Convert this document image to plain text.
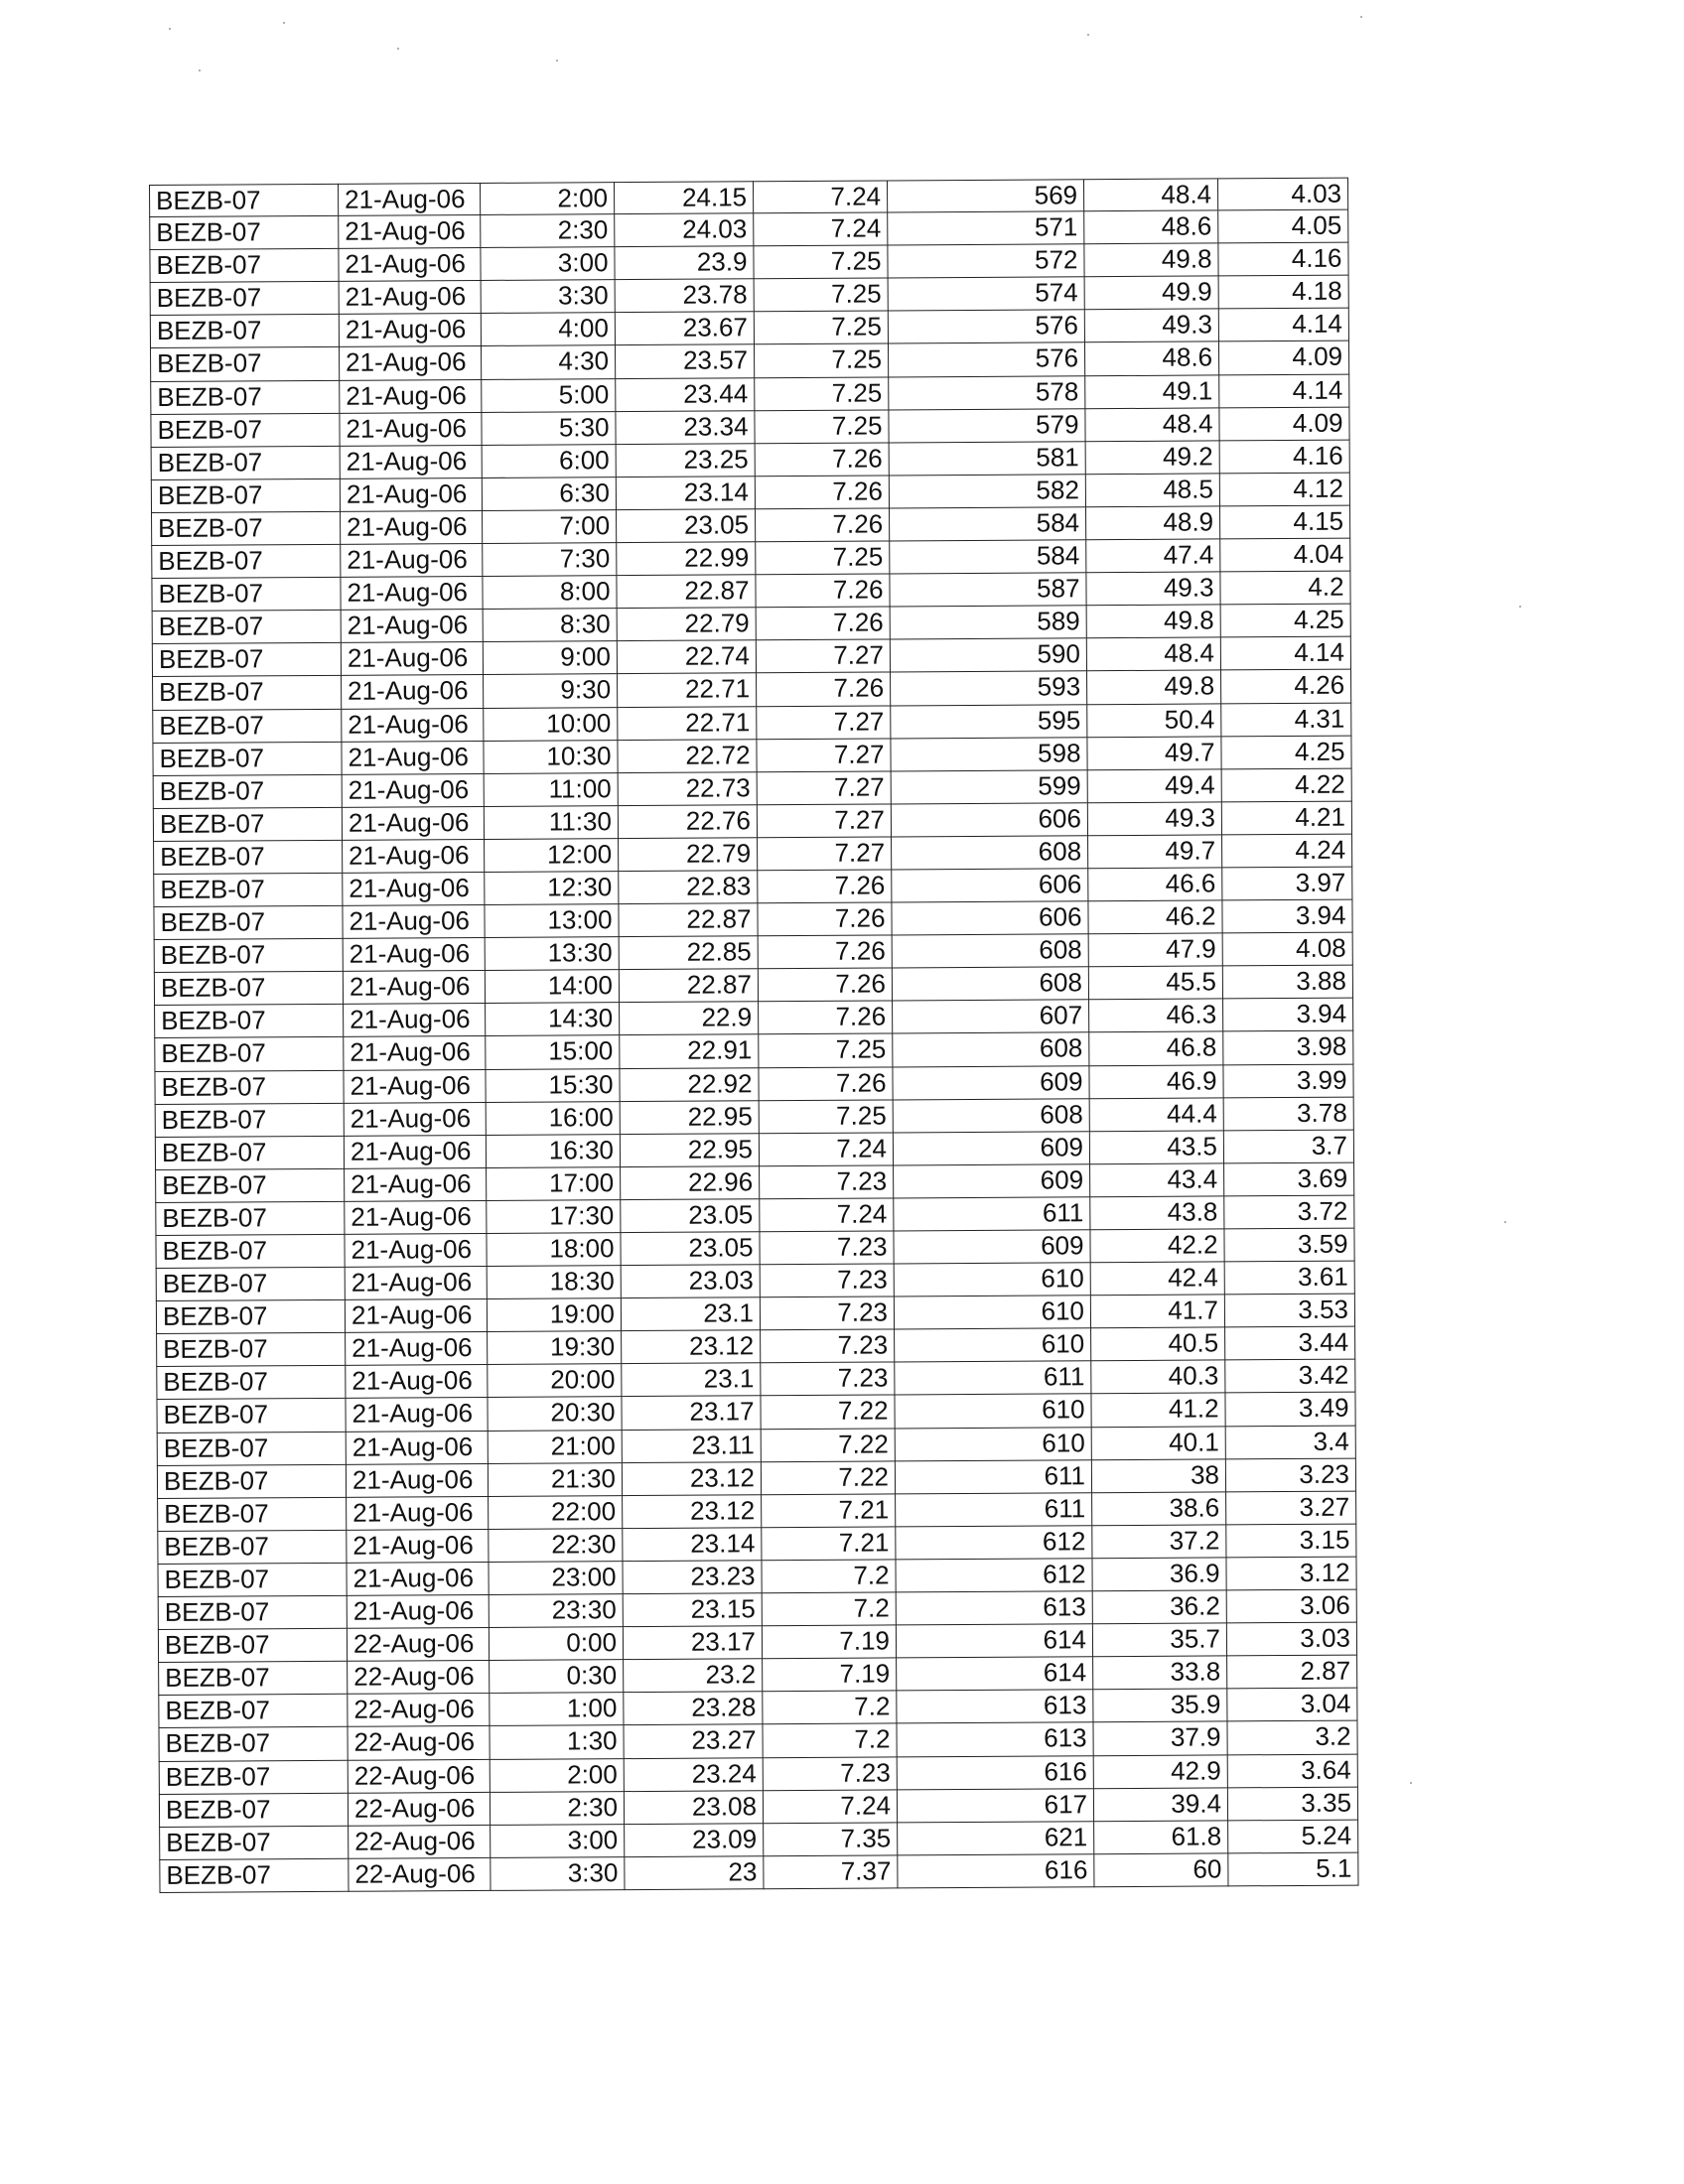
BEZB-07	21-Aug-06	2:00	24.15	7.24	569	48.4	4.03
BEZB-07	21-Aug-06	2:30	24.03	7.24	571	48.6	4.05
BEZB-07	21-Aug-06	3:00	23.9	7.25	572	49.8	4.16
BEZB-07	21-Aug-06	3:30	23.78	7.25	574	49.9	4.18
BEZB-07	21-Aug-06	4:00	23.67	7.25	576	49.3	4.14
BEZB-07	21-Aug-06	4:30	23.57	7.25	576	48.6	4.09
BEZB-07	21-Aug-06	5:00	23.44	7.25	578	49.1	4.14
BEZB-07	21-Aug-06	5:30	23.34	7.25	579	48.4	4.09
BEZB-07	21-Aug-06	6:00	23.25	7.26	581	49.2	4.16
BEZB-07	21-Aug-06	6:30	23.14	7.26	582	48.5	4.12
BEZB-07	21-Aug-06	7:00	23.05	7.26	584	48.9	4.15
BEZB-07	21-Aug-06	7:30	22.99	7.25	584	47.4	4.04
BEZB-07	21-Aug-06	8:00	22.87	7.26	587	49.3	4.2
BEZB-07	21-Aug-06	8:30	22.79	7.26	589	49.8	4.25
BEZB-07	21-Aug-06	9:00	22.74	7.27	590	48.4	4.14
BEZB-07	21-Aug-06	9:30	22.71	7.26	593	49.8	4.26
BEZB-07	21-Aug-06	10:00	22.71	7.27	595	50.4	4.31
BEZB-07	21-Aug-06	10:30	22.72	7.27	598	49.7	4.25
BEZB-07	21-Aug-06	11:00	22.73	7.27	599	49.4	4.22
BEZB-07	21-Aug-06	11:30	22.76	7.27	606	49.3	4.21
BEZB-07	21-Aug-06	12:00	22.79	7.27	608	49.7	4.24
BEZB-07	21-Aug-06	12:30	22.83	7.26	606	46.6	3.97
BEZB-07	21-Aug-06	13:00	22.87	7.26	606	46.2	3.94
BEZB-07	21-Aug-06	13:30	22.85	7.26	608	47.9	4.08
BEZB-07	21-Aug-06	14:00	22.87	7.26	608	45.5	3.88
BEZB-07	21-Aug-06	14:30	22.9	7.26	607	46.3	3.94
BEZB-07	21-Aug-06	15:00	22.91	7.25	608	46.8	3.98
BEZB-07	21-Aug-06	15:30	22.92	7.26	609	46.9	3.99
BEZB-07	21-Aug-06	16:00	22.95	7.25	608	44.4	3.78
BEZB-07	21-Aug-06	16:30	22.95	7.24	609	43.5	3.7
BEZB-07	21-Aug-06	17:00	22.96	7.23	609	43.4	3.69
BEZB-07	21-Aug-06	17:30	23.05	7.24	611	43.8	3.72
BEZB-07	21-Aug-06	18:00	23.05	7.23	609	42.2	3.59
BEZB-07	21-Aug-06	18:30	23.03	7.23	610	42.4	3.61
BEZB-07	21-Aug-06	19:00	23.1	7.23	610	41.7	3.53
BEZB-07	21-Aug-06	19:30	23.12	7.23	610	40.5	3.44
BEZB-07	21-Aug-06	20:00	23.1	7.23	611	40.3	3.42
BEZB-07	21-Aug-06	20:30	23.17	7.22	610	41.2	3.49
BEZB-07	21-Aug-06	21:00	23.11	7.22	610	40.1	3.4
BEZB-07	21-Aug-06	21:30	23.12	7.22	611	38	3.23
BEZB-07	21-Aug-06	22:00	23.12	7.21	611	38.6	3.27
BEZB-07	21-Aug-06	22:30	23.14	7.21	612	37.2	3.15
BEZB-07	21-Aug-06	23:00	23.23	7.2	612	36.9	3.12
BEZB-07	21-Aug-06	23:30	23.15	7.2	613	36.2	3.06
BEZB-07	22-Aug-06	0:00	23.17	7.19	614	35.7	3.03
BEZB-07	22-Aug-06	0:30	23.2	7.19	614	33.8	2.87
BEZB-07	22-Aug-06	1:00	23.28	7.2	613	35.9	3.04
BEZB-07	22-Aug-06	1:30	23.27	7.2	613	37.9	3.2
BEZB-07	22-Aug-06	2:00	23.24	7.23	616	42.9	3.64
BEZB-07	22-Aug-06	2:30	23.08	7.24	617	39.4	3.35
BEZB-07	22-Aug-06	3:00	23.09	7.35	621	61.8	5.24
BEZB-07	22-Aug-06	3:30	23	7.37	616	60	5.1
